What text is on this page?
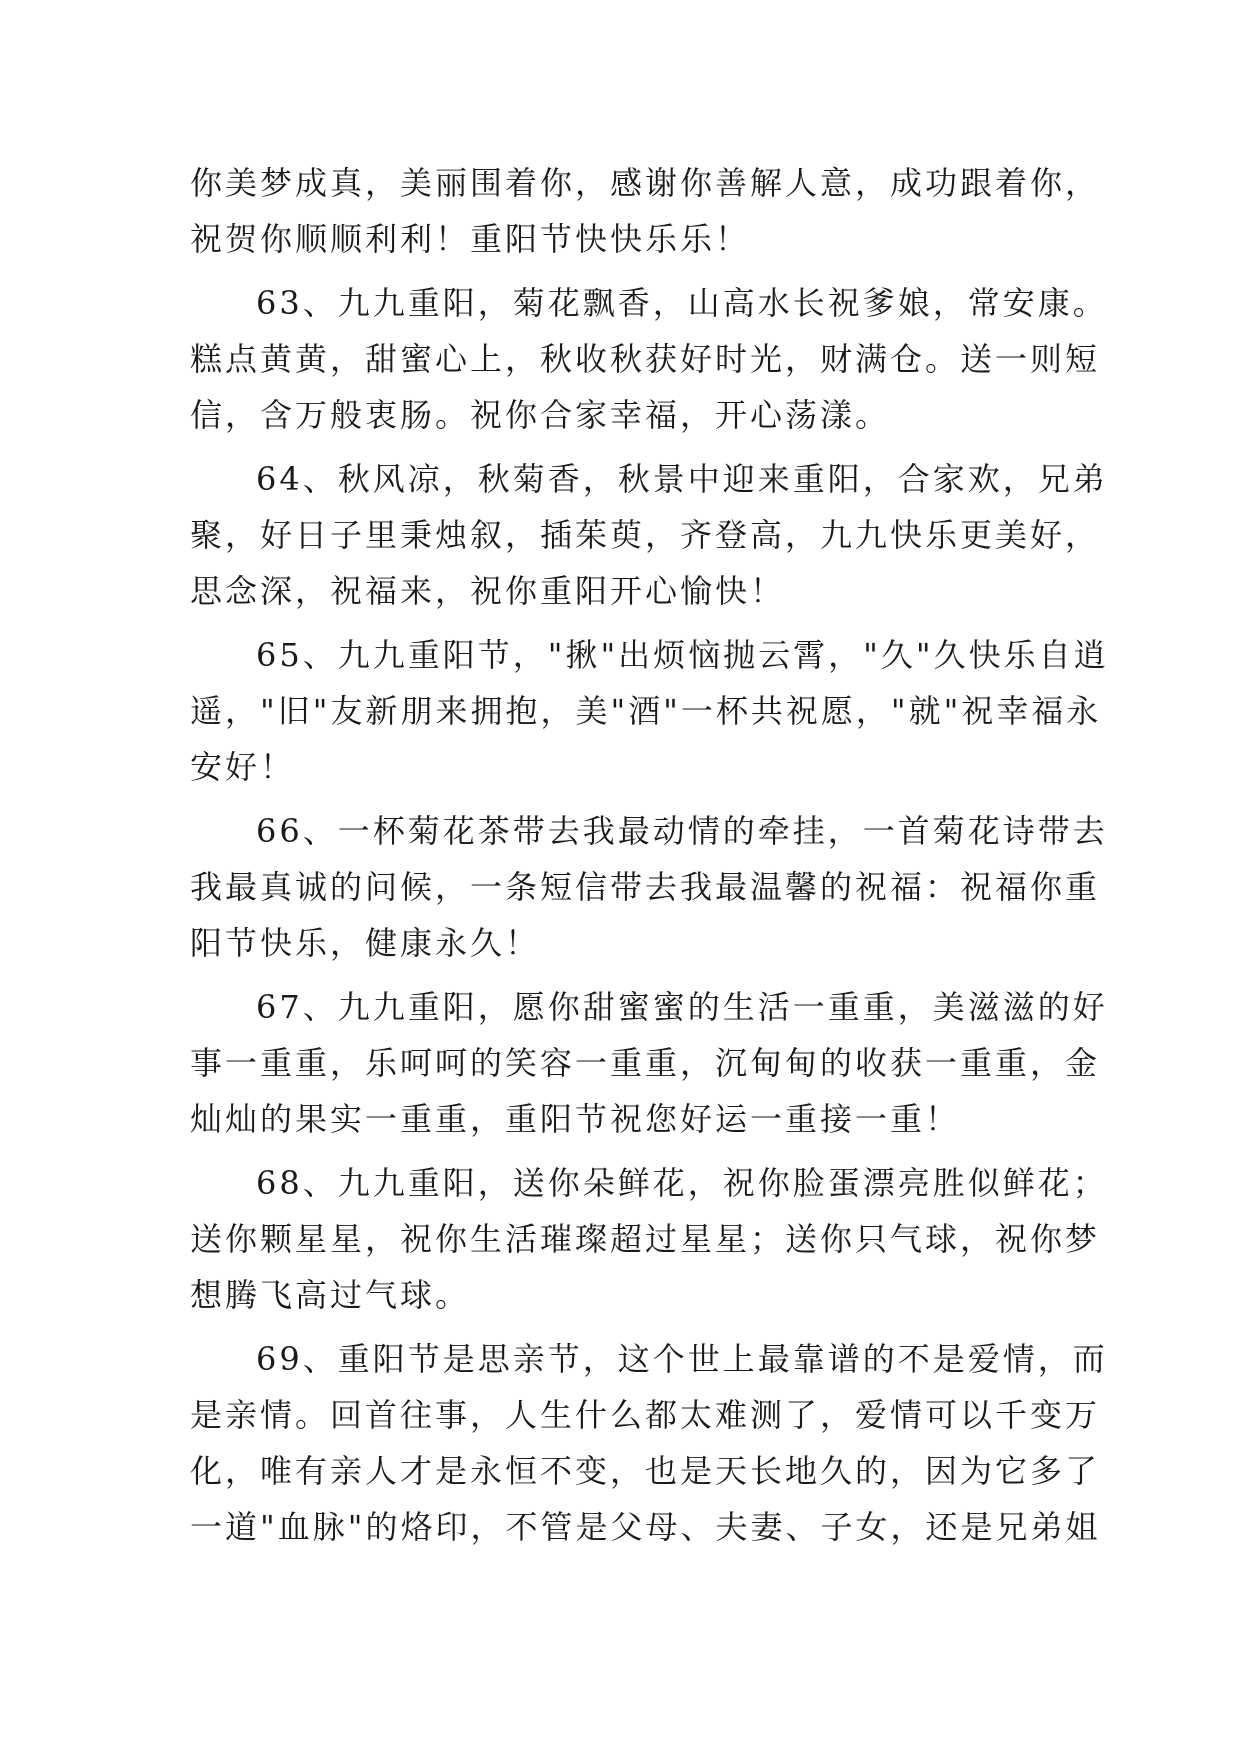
你美梦成真，美丽围着你，感谢你善解人意，成功跟着你，
祝贺你顺顺利利！重阳节快快乐乐！
63、九九重阳，菊花飘香，山高水长祝爹娘，常安康。
糕点黄黄，甜蜜心上，秋收秋获好时光，财满仓。送一则短
信，含万般衷肠。祝你合家幸福，开心荡漾。
64、秋风凉，秋菊香，秋景中迎来重阳，合家欢，兄弟
聚，好日子里秉烛叙，插茱萸，齐登高，九九快乐更美好，
思念深，祝福来，祝你重阳开心愉快！
65、九九重阳节，"揪"出烦恼抛云霄，"久"久快乐自逍
遥，"旧"友新朋来拥抱，美"酒"一杯共祝愿，"就"祝幸福永
安好！
66、一杯菊花茶带去我最动情的牵挂，一首菊花诗带去
我最真诚的问候，一条短信带去我最温馨的祝福：祝福你重
阳节快乐，健康永久！
67、九九重阳，愿你甜蜜蜜的生活一重重，美滋滋的好
事一重重，乐呵呵的笑容一重重，沉甸甸的收获一重重，金
灿灿的果实一重重，重阳节祝您好运一重接一重！
68、九九重阳，送你朵鲜花，祝你脸蛋漂亮胜似鲜花；
送你颗星星，祝你生活璀璨超过星星；送你只气球，祝你梦
想腾飞高过气球。
69、重阳节是思亲节，这个世上最靠谱的不是爱情，而
是亲情。回首往事，人生什么都太难测了，爱情可以千变万
化，唯有亲人才是永恒不变，也是天长地久的，因为它多了
一道"血脉"的烙印，不管是父母、夫妻、子女，还是兄弟姐
